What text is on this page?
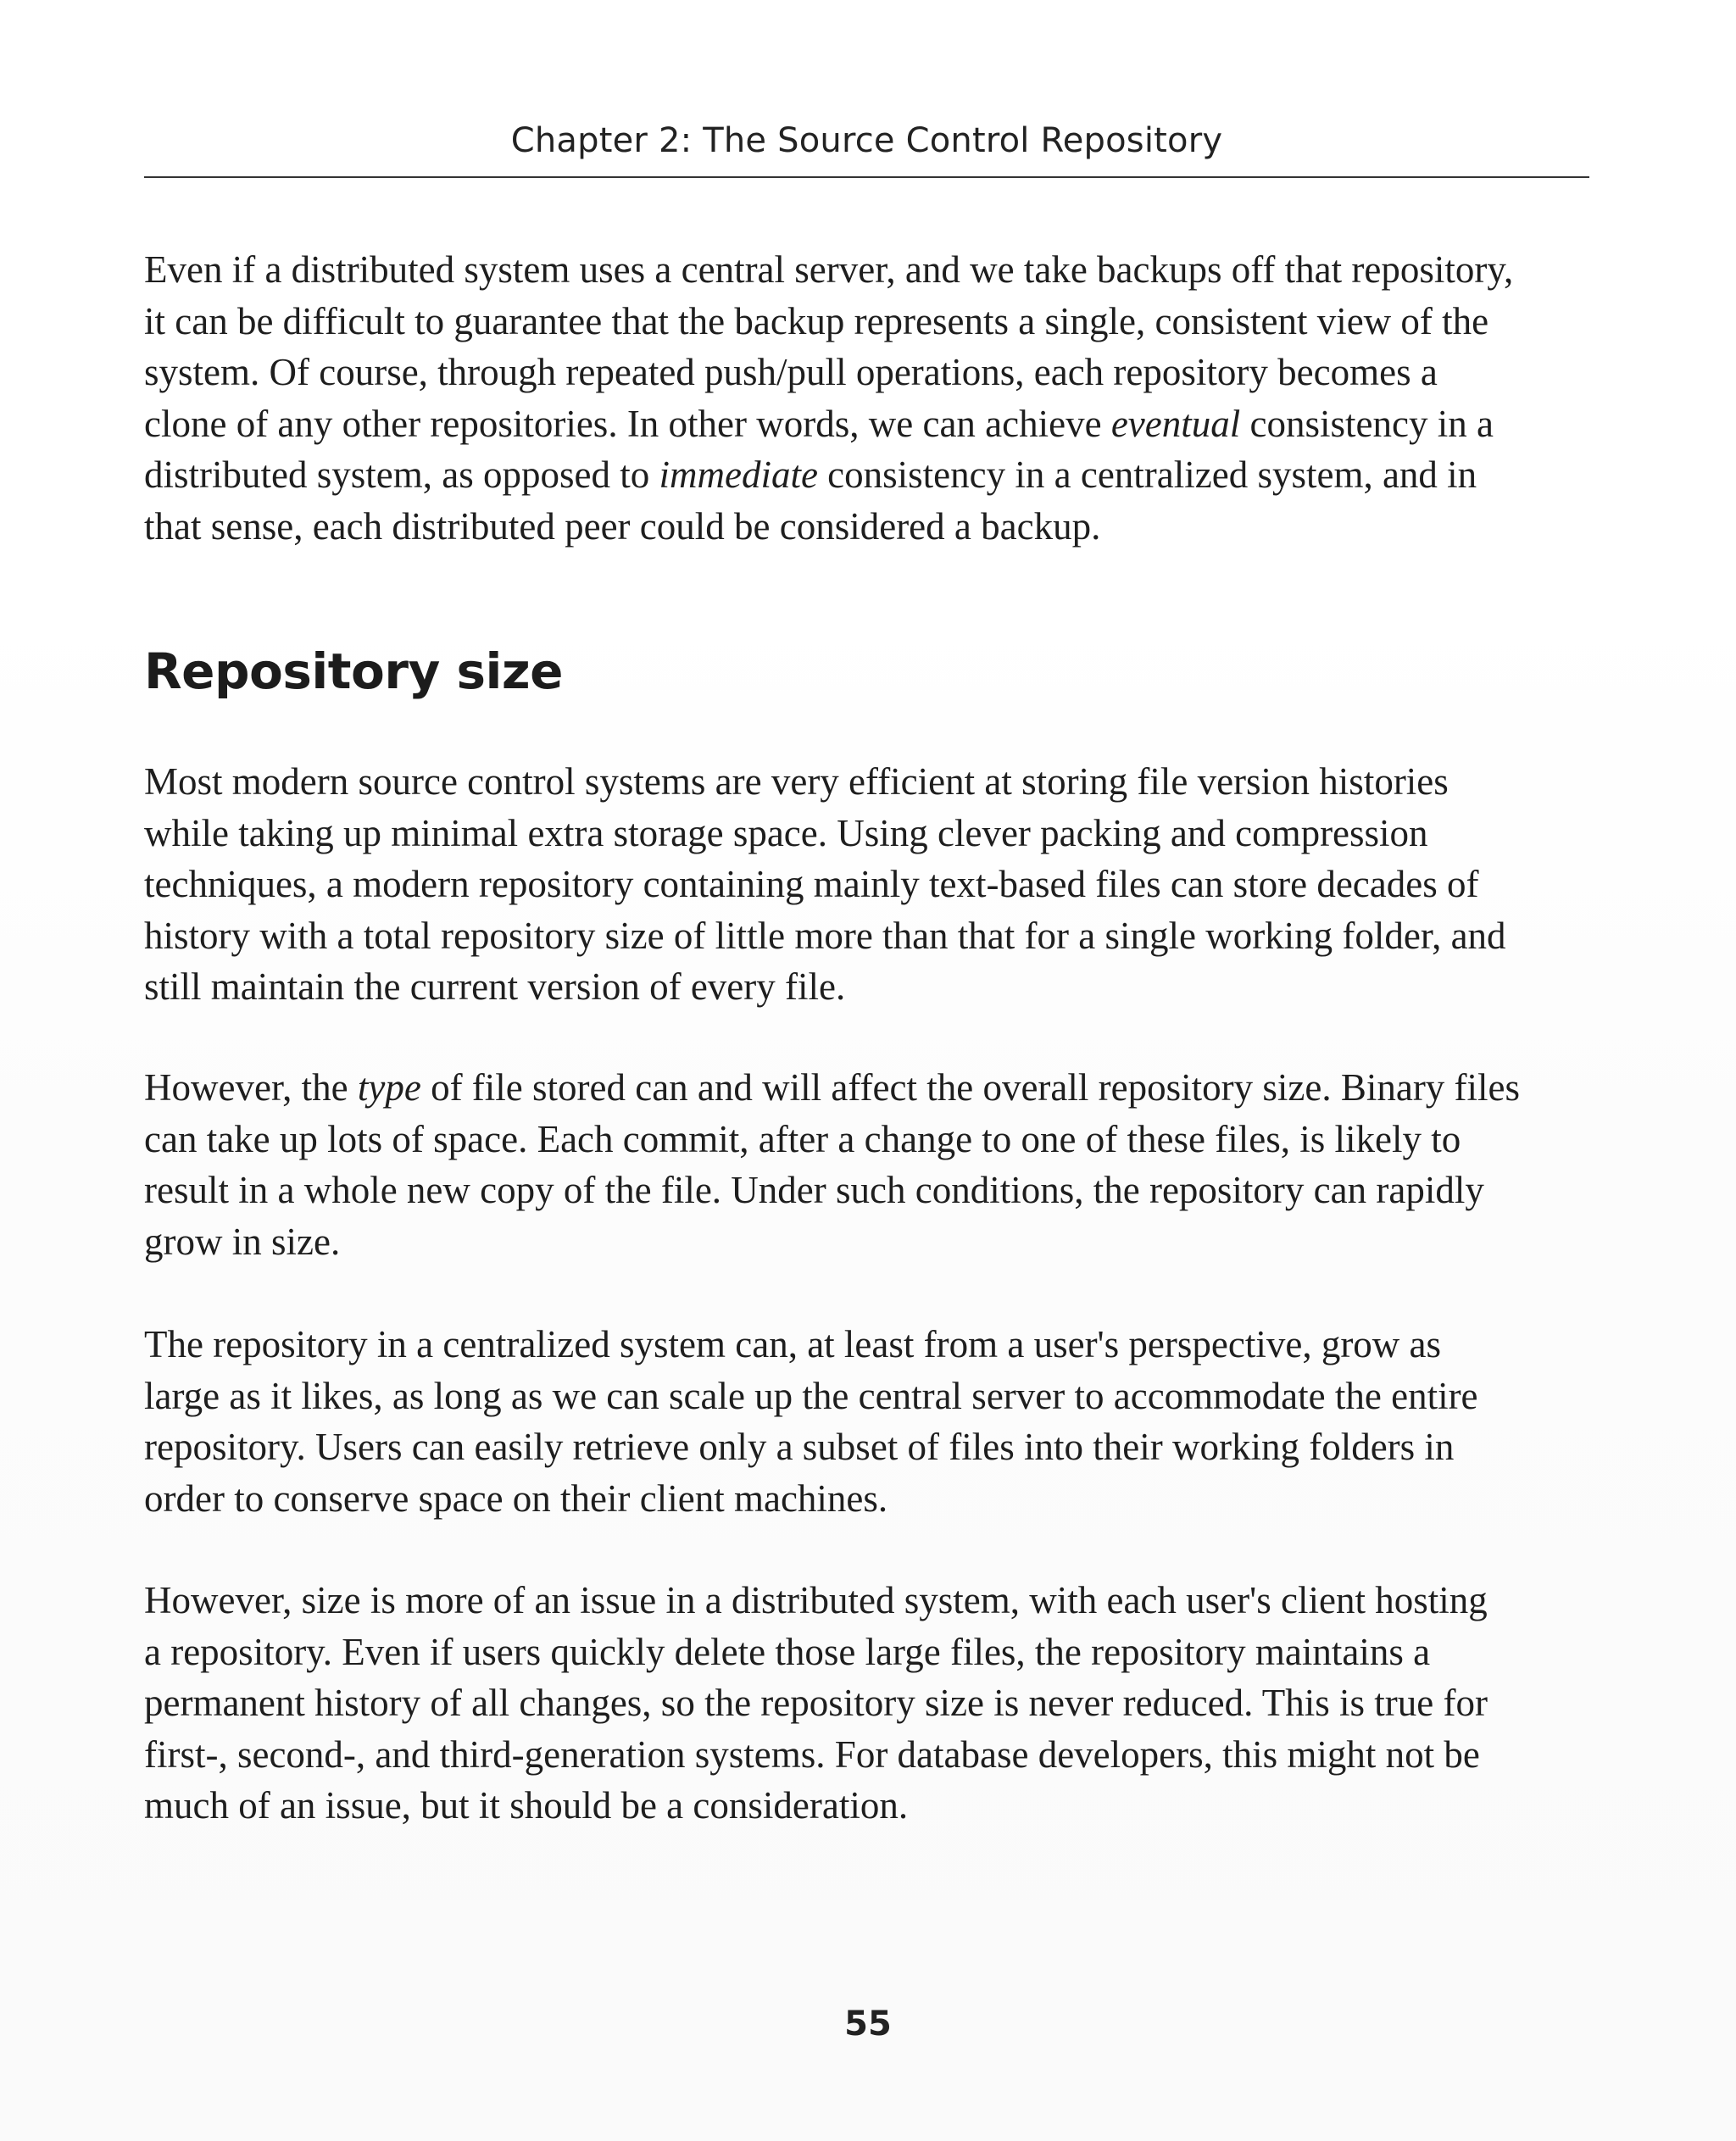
Chapter 2: The Source Control Repository
Even if a distributed system uses a central server, and we take backups off that repository,
it can be difficult to guarantee that the backup represents a single, consistent view of the
system. Of course, through repeated push/pull operations, each repository becomes a
clone of any other repositories. In other words, we can achieve eventual consistency in a
distributed system, as opposed to immediate consistency in a centralized system, and in
that sense, each distributed peer could be considered a backup.
Repository size
Most modern source control systems are very efficient at storing file version histories
while taking up minimal extra storage space. Using clever packing and compression
techniques, a modern repository containing mainly text-based files can store decades of
history with a total repository size of little more than that for a single working folder, and
still maintain the current version of every file.
However, the type of file stored can and will affect the overall repository size. Binary files
can take up lots of space. Each commit, after a change to one of these files, is likely to
result in a whole new copy of the file. Under such conditions, the repository can rapidly
grow in size.
The repository in a centralized system can, at least from a user's perspective, grow as
large as it likes, as long as we can scale up the central server to accommodate the entire
repository. Users can easily retrieve only a subset of files into their working folders in
order to conserve space on their client machines.
However, size is more of an issue in a distributed system, with each user's client hosting
a repository. Even if users quickly delete those large files, the repository maintains a
permanent history of all changes, so the repository size is never reduced. This is true for
first-, second-, and third-generation systems. For database developers, this might not be
much of an issue, but it should be a consideration.
55
